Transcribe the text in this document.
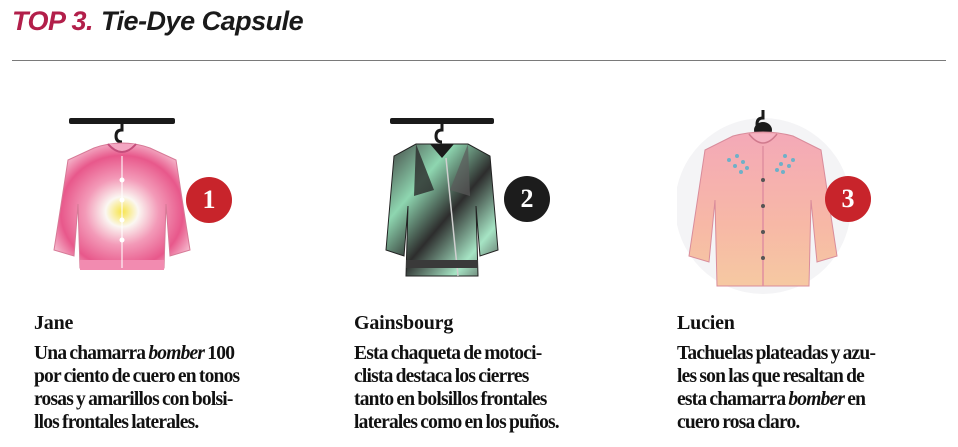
TOP 3. Tie-Dye Capsule
1

Jane

Una chamarra bomber 100
por ciento de cuero en tonos
rosas y amarillos con bolsi-
llos frontales laterales.

2

Gainsbourg

Esta chaqueta de motoci-
clista destaca los cierres
tanto en bolsillos frontales
laterales como en los puños.

3

Lucien

Tachuelas plateadas y azu-
les son las que resaltan de
esta chamarra bomber en
cuero rosa claro.
